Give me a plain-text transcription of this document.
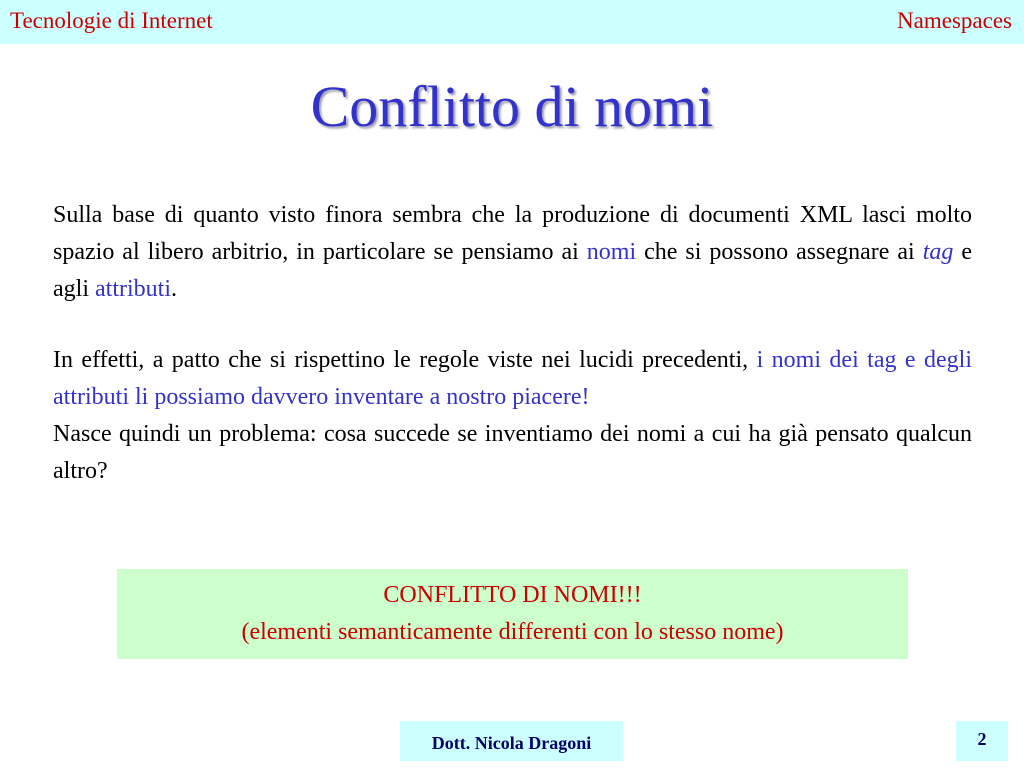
Tecnologie di Internet	Namespaces
Conflitto di nomi

Sulla base di quanto visto finora sembra che la produzione di documenti XML lasci molto spazio al libero arbitrio, in particolare se pensiamo ai nomi che si possono assegnare ai tag e agli attributi.

In effetti, a patto che si rispettino le regole viste nei lucidi precedenti, i nomi dei tag e degli attributi li possiamo davvero inventare a nostro piacere!

Nasce quindi un problema: cosa succede se inventiamo dei nomi a cui ha già pensato qualcun altro?

CONFLITTO DI NOMI!!!
(elementi semanticamente differenti con lo stesso nome)
Dott. Nicola Dragoni	2
